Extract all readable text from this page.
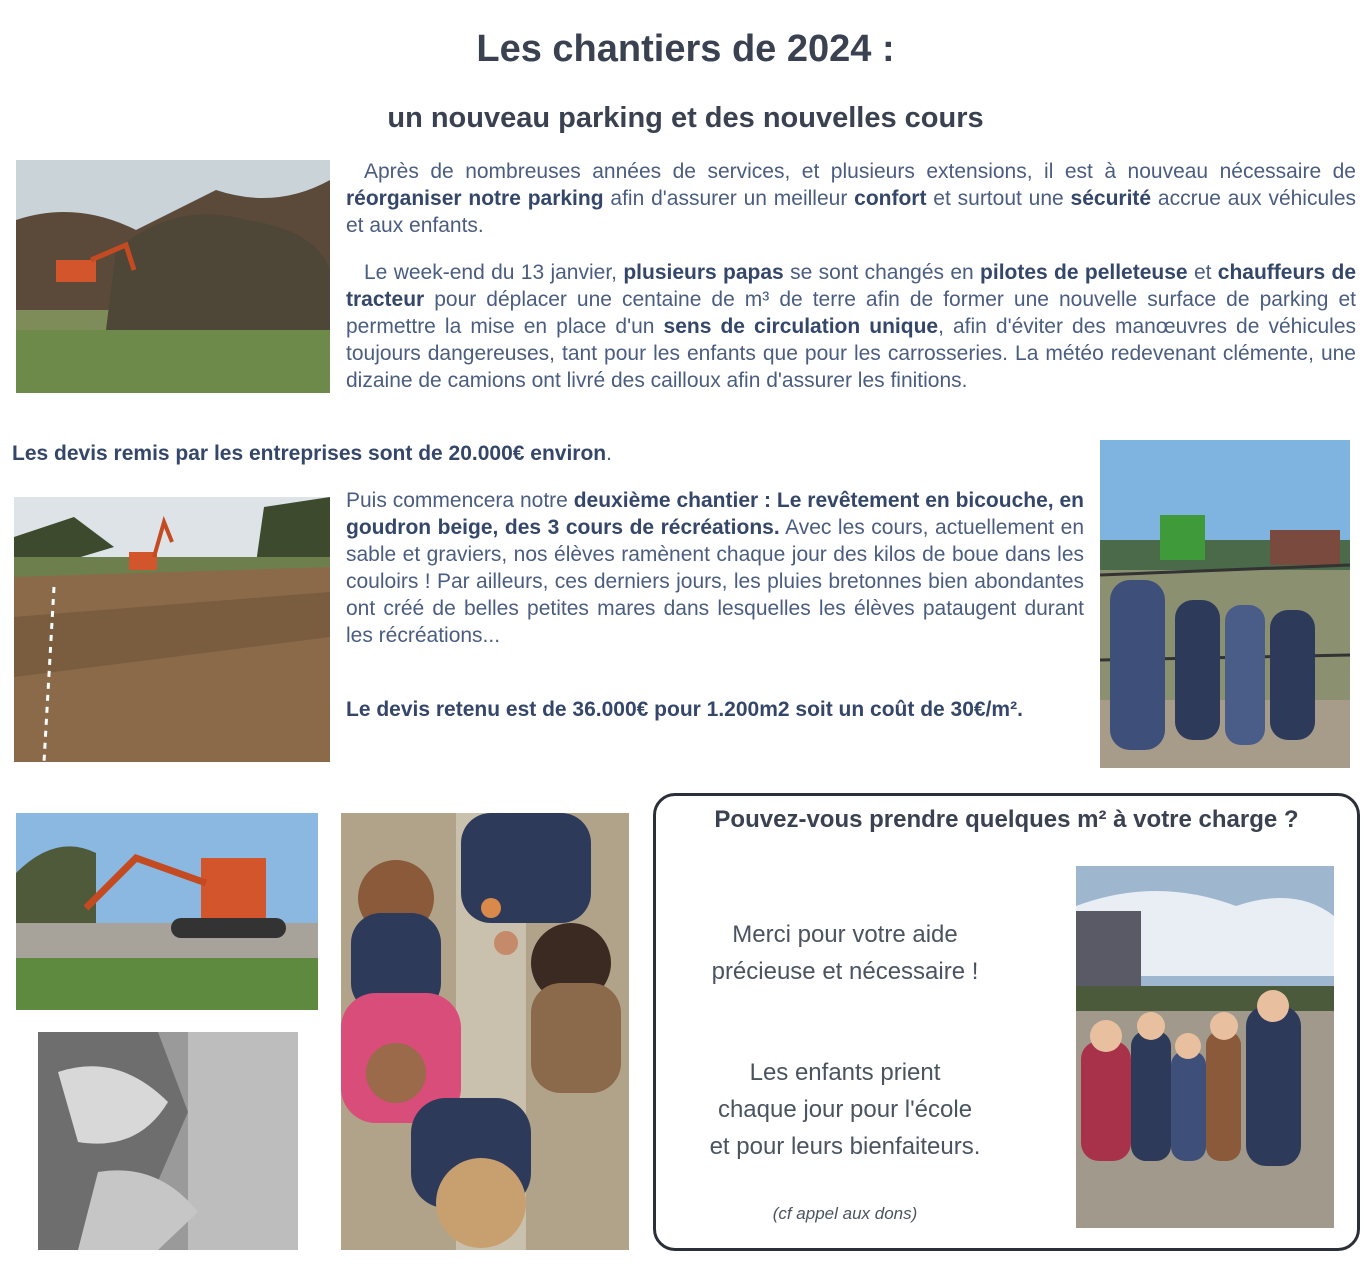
Les chantiers de 2024 :
un nouveau parking et des nouvelles cours
Après de nombreuses années de services, et plusieurs extensions, il est à nouveau nécessaire de réorganiser notre parking afin d'assurer un meilleur confort et surtout une sécurité accrue aux véhicules et aux enfants.
Le week-end du 13 janvier, plusieurs papas se sont changés en pilotes de pelleteuse et chauffeurs de tracteur pour déplacer une centaine de m³ de terre afin de former une nouvelle surface de parking et permettre la mise en place d'un sens de circulation unique, afin d'éviter des manœuvres de véhicules toujours dangereuses, tant pour les enfants que pour les carrosseries. La météo redevenant clémente, une dizaine de camions ont livré des cailloux afin d'assurer les finitions.
Les devis remis par les entreprises sont de 20.000€ environ.
Puis commencera notre deuxième chantier : Le revêtement en bicouche, en goudron beige, des 3 cours de récréations. Avec les cours, actuellement en sable et graviers, nos élèves ramènent chaque jour des kilos de boue dans les couloirs ! Par ailleurs, ces derniers jours, les pluies bretonnes bien abondantes ont créé de belles petites mares dans lesquelles les élèves pataugent durant les récréations...
Le devis retenu est de 36.000€ pour 1.200m2 soit un coût de 30€/m².
Pouvez-vous prendre quelques m² à votre charge ?
Merci pour votre aide
précieuse et nécessaire !
Les enfants prient
chaque jour pour l'école
et pour leurs bienfaiteurs.
(cf appel aux dons)
